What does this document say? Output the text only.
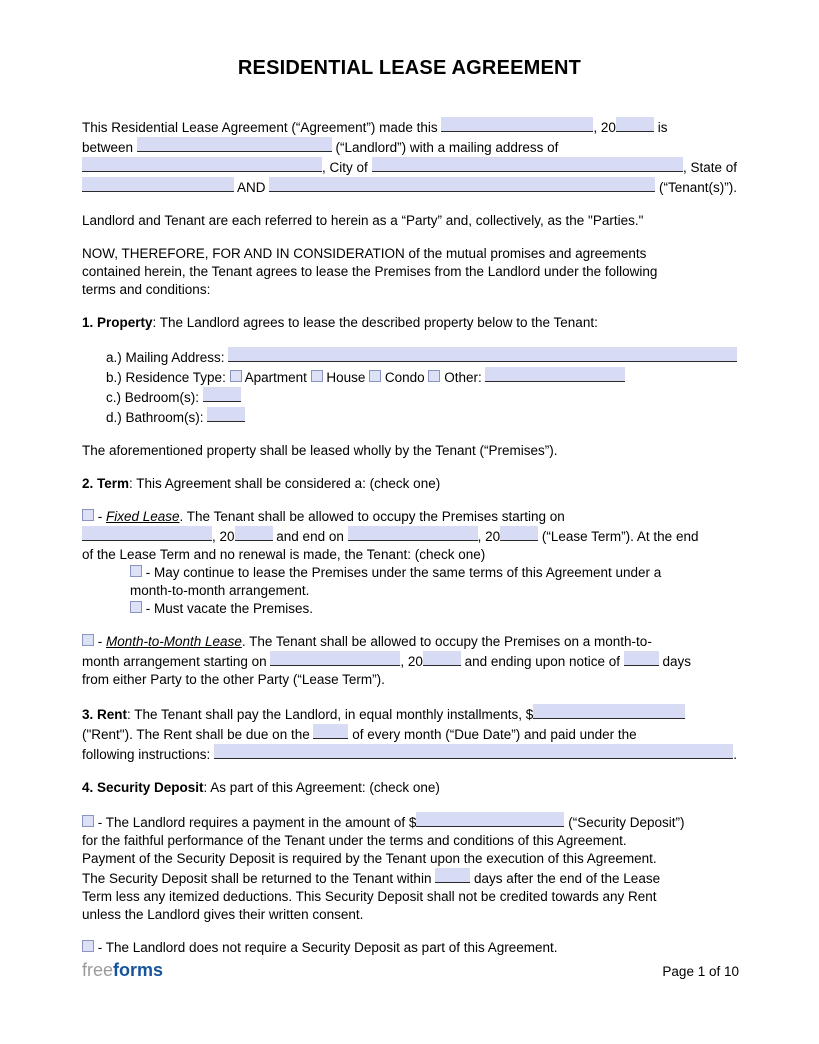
RESIDENTIAL LEASE AGREEMENT
This Residential Lease Agreement (“Agreement”) made this	, 20	is
between	(“Landlord”) with a mailing address of
, City of	, State of
AND	(“Tenant(s)”).
Landlord and Tenant are each referred to herein as a “Party” and, collectively, as the "Parties."
NOW, THEREFORE, FOR AND IN CONSIDERATION of the mutual promises and agreements
contained herein, the Tenant agrees to lease the Premises from the Landlord under the following
terms and conditions:
1. Property : The Landlord agrees to lease the described property below to the Tenant:
a.) Mailing Address:
b.) Residence Type: Apartment House Condo Other:
c.) Bedroom(s):
d.) Bathroom(s):
The aforementioned property shall be leased wholly by the Tenant (“Premises”).
2. Term : This Agreement shall be considered a: (check one)
- Fixed Lease . The Tenant shall be allowed to occupy the Premises starting on
, 20	and end on	, 20	(“Lease Term”). At the end
of the Lease Term and no renewal is made, the Tenant: (check one)
- May continue to lease the Premises under the same terms of this Agreement under a
month-to-month arrangement.
- Must vacate the Premises.
- Month-to-Month Lease . The Tenant shall be allowed to occupy the Premises on a month-to-
month arrangement starting on	, 20	and ending upon notice of	days
from either Party to the other Party (“Lease Term”).
3. Rent : The Tenant shall pay the Landlord, in equal monthly installments, $
("Rent"). The Rent shall be due on the	of every month (“Due Date”) and paid under the
following instructions:	.
4. Security Deposit : As part of this Agreement: (check one)
- The Landlord requires a payment in the amount of $	(“Security Deposit”)
for the faithful performance of the Tenant under the terms and conditions of this Agreement.
Payment of the Security Deposit is required by the Tenant upon the execution of this Agreement.
The Security Deposit shall be returned to the Tenant within	days after the end of the Lease
Term less any itemized deductions. This Security Deposit shall not be credited towards any Rent
unless the Landlord gives their written consent.
- The Landlord does not require a Security Deposit as part of this Agreement.
freeforms	Page 1 of 10
